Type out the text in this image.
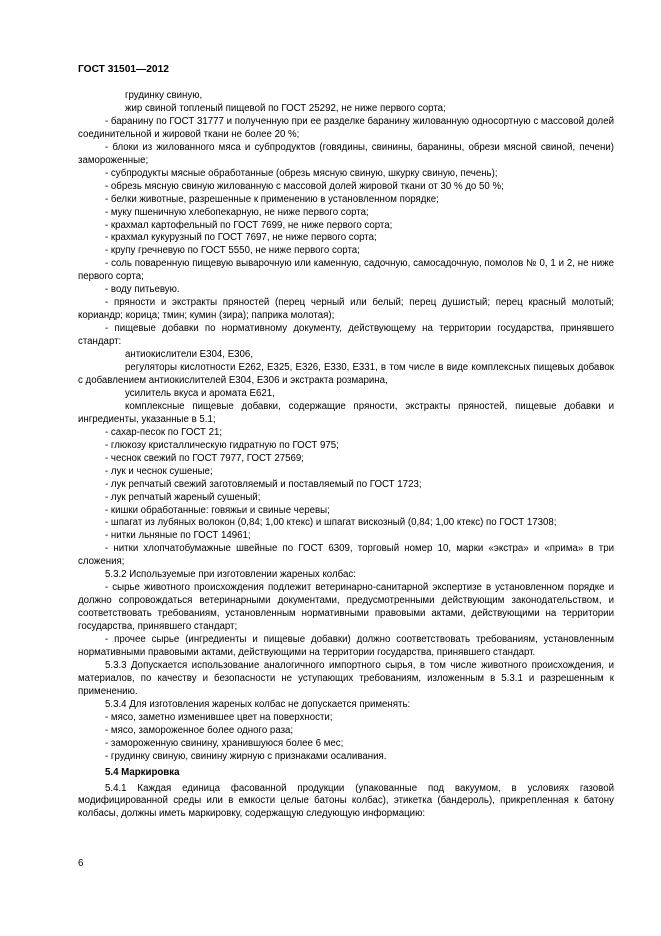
ГОСТ 31501—2012

грудинку свиную,

жир свиной топленый пищевой по ГОСТ 25292, не ниже первого сорта;

- баранину по ГОСТ 31777 и полученную при ее разделке баранину жилованную односортную с массовой долей соединительной и жировой ткани не более 20 %;

- блоки из жилованного мяса и субпродуктов (говядины, свинины, баранины, обрези мясной свиной, печени) замороженные;

- субпродукты мясные обработанные (обрезь мясную свиную, шкурку свиную, печень);

- обрезь мясную свиную жилованную с массовой долей жировой ткани от 30 % до 50 %;

- белки животные, разрешенные к применению в установленном порядке;

- муку пшеничную хлебопекарную, не ниже первого сорта;

- крахмал картофельный по ГОСТ 7699, не ниже первого сорта;

- крахмал кукурузный по ГОСТ 7697, не ниже первого сорта;

- крупу гречневую по ГОСТ 5550, не ниже первого сорта;

- соль поваренную пищевую выварочную или каменную, садочную, самосадочную, помолов № 0, 1 и 2, не ниже первого сорта;

- воду питьевую.

- пряности и экстракты пряностей (перец черный или белый; перец душистый; перец красный молотый; кориандр; корица; тмин; кумин (зира); паприка молотая);

- пищевые добавки по нормативному документу, действующему на территории государства, принявшего стандарт:

антиокислители Е304, Е306,

регуляторы кислотности Е262, Е325, Е326, Е330, Е331, в том числе в виде комплексных пищевых добавок с добавлением антиокислителей Е304, Е306 и экстракта розмарина,

усилитель вкуса и аромата Е621,

комплексные пищевые добавки, содержащие пряности, экстракты пряностей, пищевые добавки и ингредиенты, указанные в 5.1;

- сахар-песок по ГОСТ 21;

- глюкозу кристаллическую гидратную по ГОСТ 975;

- чеснок свежий по ГОСТ 7977, ГОСТ 27569;

- лук и чеснок сушеные;

- лук репчатый свежий заготовляемый и поставляемый по ГОСТ 1723;

- лук репчатый жареный сушеный;

- кишки обработанные: говяжьи и свиные черевы;

- шпагат из лубяных волокон (0,84; 1,00 ктекс) и шпагат вискозный (0,84; 1,00 ктекс) по ГОСТ 17308;

- нитки льняные по ГОСТ 14961;

- нитки хлопчатобумажные швейные по ГОСТ 6309, торговый номер 10, марки «экстра» и «прима» в три сложения;

5.3.2 Используемые при изготовлении жареных колбас:

- сырье животного происхождения подлежит ветеринарно-санитарной экспертизе в установленном порядке и должно сопровождаться ветеринарными документами, предусмотренными действующим законодательством, и соответствовать требованиям, установленным нормативными правовыми актами, действующими на территории государства, принявшего стандарт;

- прочее сырье (ингредиенты и пищевые добавки) должно соответствовать требованиям, установленным нормативными правовыми актами, действующими на территории государства, принявшего стандарт.

5.3.3 Допускается использование аналогичного импортного сырья, в том числе животного происхождения, и материалов, по качеству и безопасности не уступающих требованиям, изложенным в 5.3.1 и разрешенным к применению.

5.3.4 Для изготовления жареных колбас не допускается применять:

- мясо, заметно изменившее цвет на поверхности;

- мясо, замороженное более одного раза;

- замороженную свинину, хранившуюся более 6 мес;

- грудинку свиную, свинину жирную с признаками осаливания.

5.4 Маркировка

5.4.1 Каждая единица фасованной продукции (упакованные под вакуумом, в условиях газовой модифицированной среды или в емкости целые батоны колбас), этикетка (бандероль), прикрепленная к батону колбасы, должны иметь маркировку, содержащую следующую информацию:

6
